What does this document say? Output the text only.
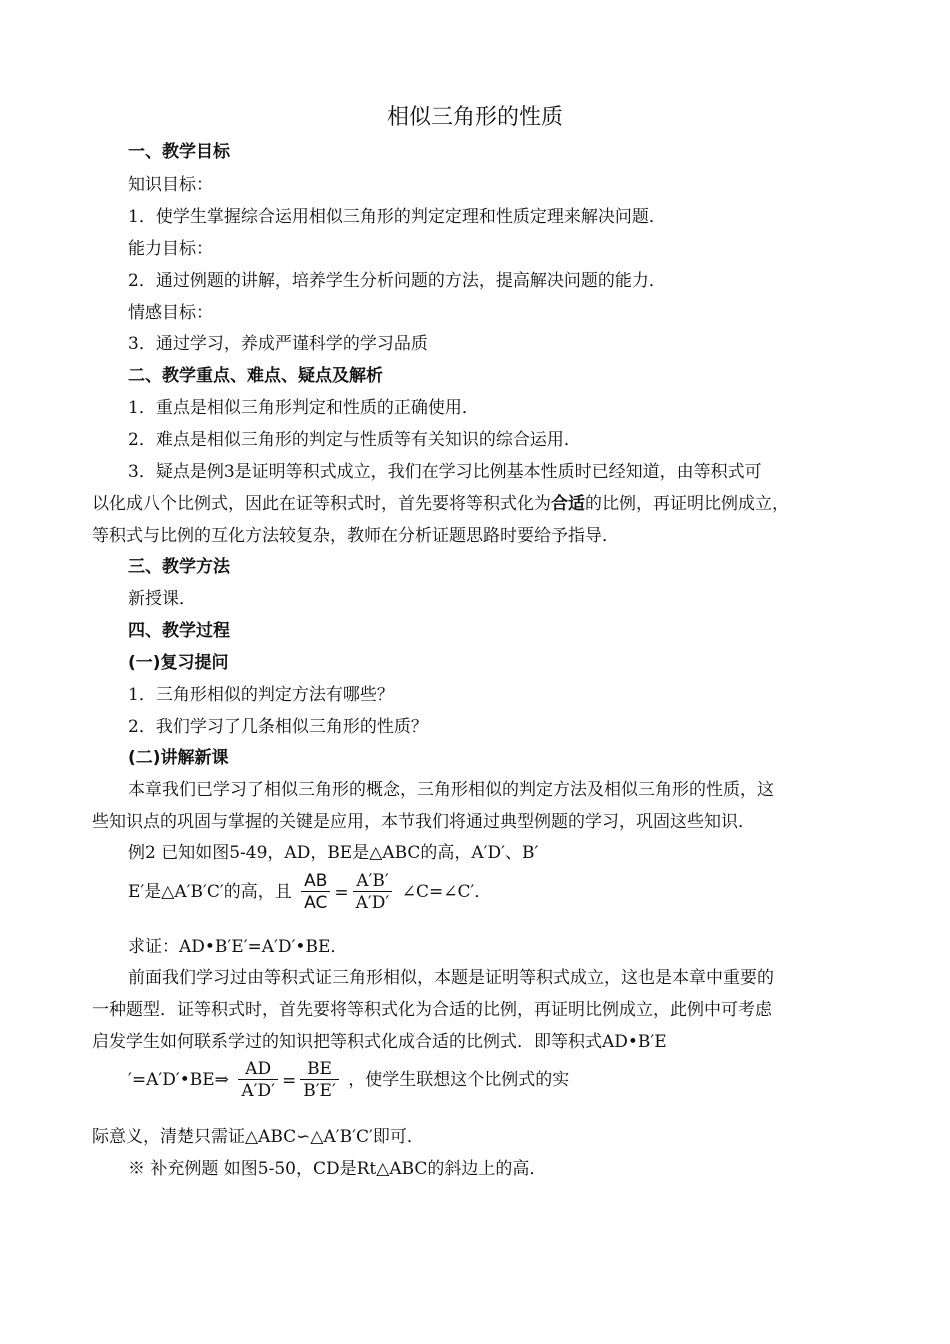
相似三角形的性质
一、教学目标
知识目标：
1．使学生掌握综合运用相似三角形的判定定理和性质定理来解决问题．
能力目标：
2．通过例题的讲解，培养学生分析问题的方法，提高解决问题的能力．
情感目标：
3．通过学习，养成严谨科学的学习品质
二、教学重点、难点、疑点及解析
1．重点是相似三角形判定和性质的正确使用．
2．难点是相似三角形的判定与性质等有关知识的综合运用．
3．疑点是例3是证明等积式成立，我们在学习比例基本性质时已经知道，由等积式可
以化成八个比例式，因此在证等积式时，首先要将等积式化为合适的比例，再证明比例成立，
等积式与比例的互化方法较复杂，教师在分析证题思路时要给予指导．
三、教学方法
新授课．
四、教学过程
(一)复习提问
1．三角形相似的判定方法有哪些？
2．我们学习了几条相似三角形的性质？
(二)讲解新课
本章我们已学习了相似三角形的概念，三角形相似的判定方法及相似三角形的性质，这
些知识点的巩固与掌握的关键是应用，本节我们将通过典型例题的学习，巩固这些知识．
例2 已知如图5-49，AD，BE是△ABC的高，A′D′、B′
E′是△A′B′C′的高，且 $\frac{AB}{AC} = \frac{A'B'}{A'D'}$ ∠C=∠C′．
求证：AD•B′E′=A′D′•BE．
前面我们学习过由等积式证三角形相似，本题是证明等积式成立，这也是本章中重要的
一种题型．证等积式时，首先要将等积式化为合适的比例，再证明比例成立，此例中可考虑
启发学生如何联系学过的知识把等积式化成合适的比例式．即等积式AD•B′E
′=A′D′•BE⇒ $\frac{AD}{A'D'} = \frac{BE}{B'E'}$ ，使学生联想这个比例式的实
际意义，清楚只需证△ABC∽△A′B′C′即可．
※ 补充例题 如图5-50，CD是Rt△ABC的斜边上的高．
